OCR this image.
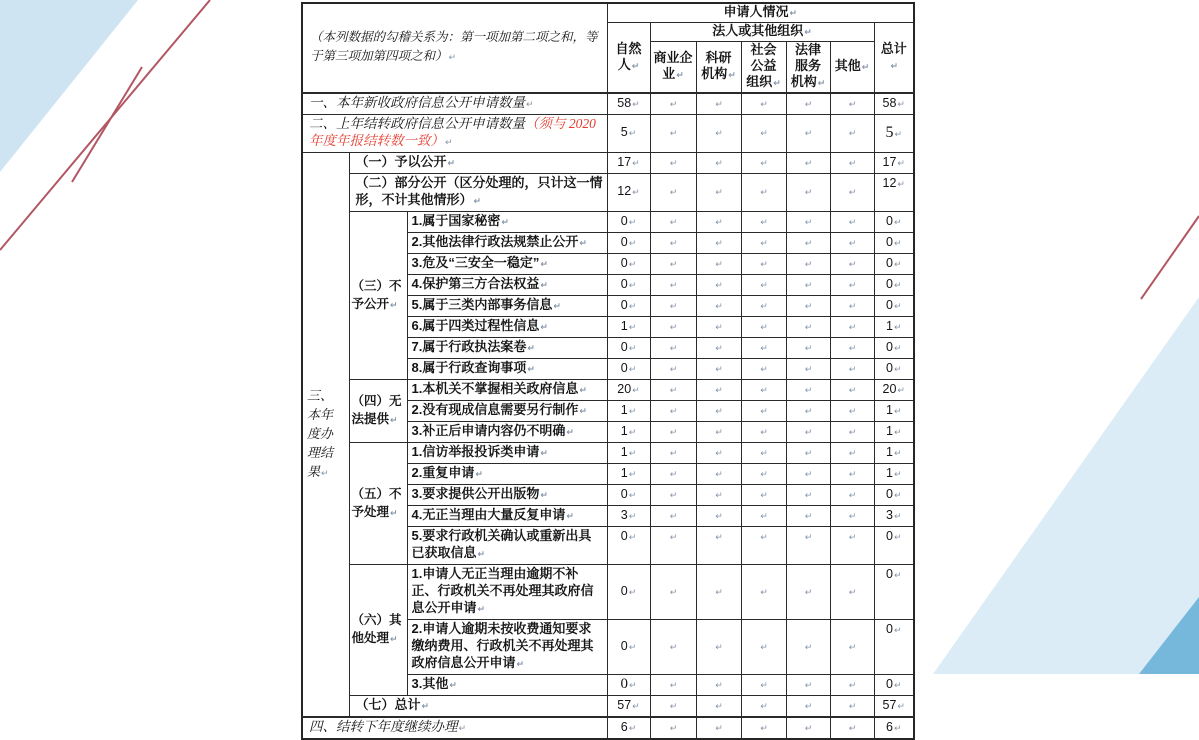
（本列数据的勾稽关系为：第一项加第二项之和，等于第三项加第四项之和）↵			申请人情况↵						
			自然人↵	法人或其他组织↵					总计↵
				商业企业↵	科研机构↵	社会公益组织↵	法律服务机构↵	其他↵	
一、本年新收政府信息公开申请数量↵			58↵	↵	↵	↵	↵	↵	58↵
二、上年结转政府信息公开申请数量（须与 2020 年度年报结转数一致）↵			5↵	↵	↵	↵	↵	↵	5↵
三、本年度办理结果↵	（一）予以公开↵		17↵	↵	↵	↵	↵	↵	17↵
	（二）部分公开（区分处理的，只计这一情形，不计其他情形）↵		12↵	↵	↵	↵	↵	↵	12↵
	（三）不予公开↵	1.属于国家秘密↵	0↵	↵	↵	↵	↵	↵	0↵
		2.其他法律行政法规禁止公开↵	0↵	↵	↵	↵	↵	↵	0↵
		3.危及“三安全一稳定”↵	0↵	↵	↵	↵	↵	↵	0↵
		4.保护第三方合法权益↵	0↵	↵	↵	↵	↵	↵	0↵
		5.属于三类内部事务信息↵	0↵	↵	↵	↵	↵	↵	0↵
		6.属于四类过程性信息↵	1↵	↵	↵	↵	↵	↵	1↵
		7.属于行政执法案卷↵	0↵	↵	↵	↵	↵	↵	0↵
		8.属于行政查询事项↵	0↵	↵	↵	↵	↵	↵	0↵
	（四）无法提供↵	1.本机关不掌握相关政府信息↵	20↵	↵	↵	↵	↵	↵	20↵
		2.没有现成信息需要另行制作↵	1↵	↵	↵	↵	↵	↵	1↵
		3.补正后申请内容仍不明确↵	1↵	↵	↵	↵	↵	↵	1↵
	（五）不予处理↵	1.信访举报投诉类申请↵	1↵	↵	↵	↵	↵	↵	1↵
		2.重复申请↵	1↵	↵	↵	↵	↵	↵	1↵
		3.要求提供公开出版物↵	0↵	↵	↵	↵	↵	↵	0↵
		4.无正当理由大量反复申请↵	3↵	↵	↵	↵	↵	↵	3↵
		5.要求行政机关确认或重新出具已获取信息↵	0↵	↵	↵	↵	↵	↵	0↵
	（六）其他处理↵	1.申请人无正当理由逾期不补正、行政机关不再处理其政府信息公开申请↵	0↵	↵	↵	↵	↵	↵	0↵
		2.申请人逾期未按收费通知要求缴纳费用、行政机关不再处理其政府信息公开申请↵	0↵	↵	↵	↵	↵	↵	0↵
		3.其他↵	0↵	↵	↵	↵	↵	↵	0↵
	（七）总计↵		57↵	↵	↵	↵	↵	↵	57↵
四、结转下年度继续办理↵			6↵	↵	↵	↵	↵	↵	6↵
